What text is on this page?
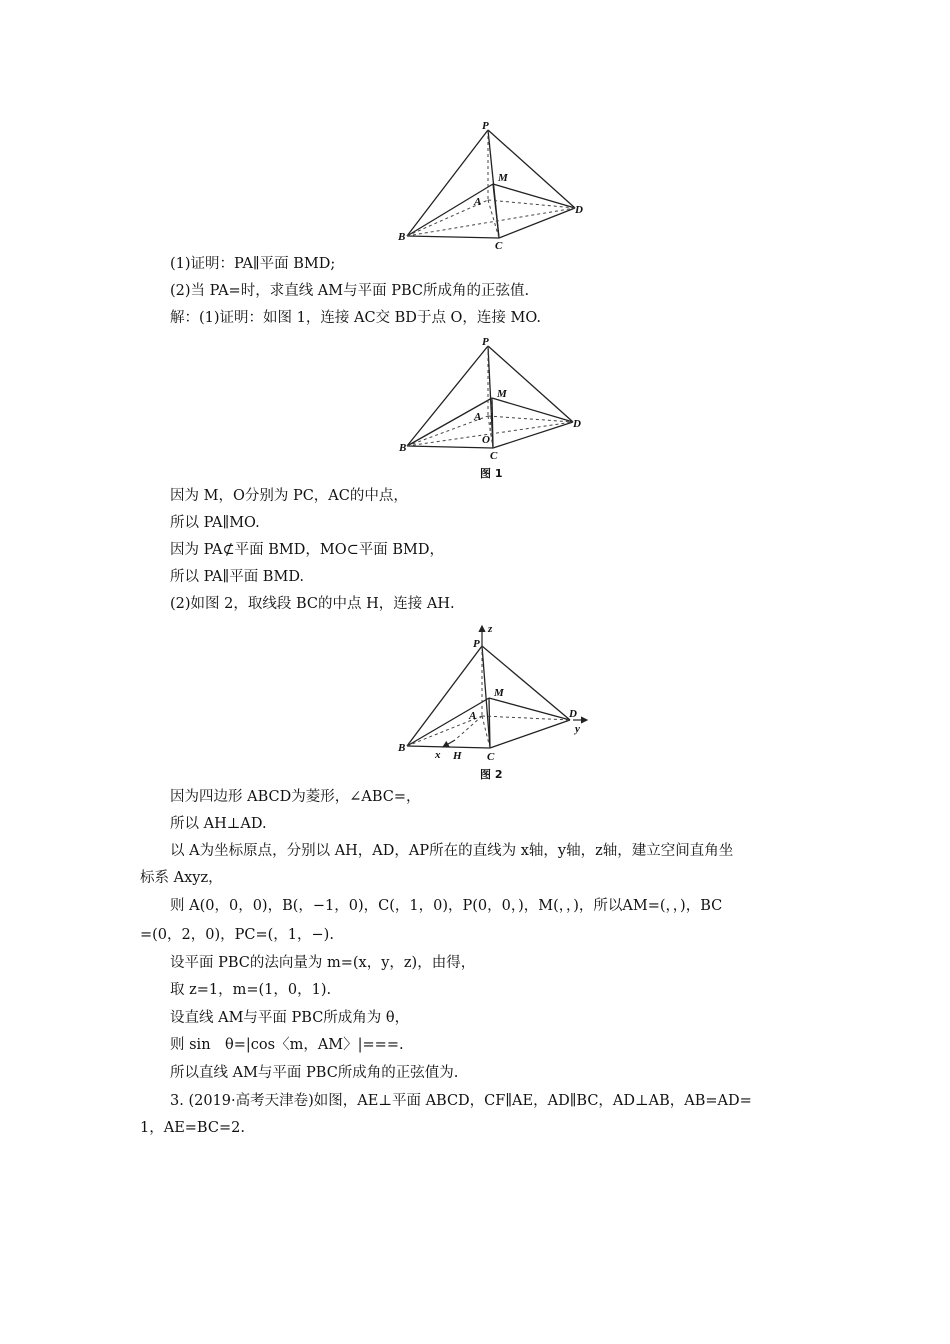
P
M
A
D
B
C
P
M
A
O
D
B
C
图 1
z
P
M
A	D
y
B
x H C
图 2
(1)证明：PA∥平面 BMD;
(2)当 PA=时，求直线 AM与平面 PBC所成角的正弦值.
解：(1)证明：如图 1，连接 AC交 BD于点 O，连接 MO.
因为 M，O分别为 PC，AC的中点，
所以 PA∥MO.
因为 PA⊄平面 BMD，MO⊂平面 BMD，
所以 PA∥平面 BMD.
(2)如图 2，取线段 BC的中点 H，连接 AH.
因为四边形 ABCD为菱形，∠ABC=，
所以 AH⊥AD.
以 A为坐标原点，分别以 AH，AD，AP所在的直线为 x轴，y轴，z轴，建立空间直角坐
标系 Axyz，
则 A(0，0，0)，B(，−1，0)，C(，1，0)，P(0，0，)，M(，，)，所以AM=(，，)，BC
=(0，2，0)，PC=(，1，−).
设平面 PBC的法向量为 m=(x，y，z)，由得，
取 z=1，m=(1，0，1).
设直线 AM与平面 PBC所成角为 θ，
则 sin　θ=|cos〈m，AM〉|===.
所以直线 AM与平面 PBC所成角的正弦值为.
3. (2019·高考天津卷)如图，AE⊥平面 ABCD，CF∥AE，AD∥BC，AD⊥AB，AB=AD=
1，AE=BC=2.
